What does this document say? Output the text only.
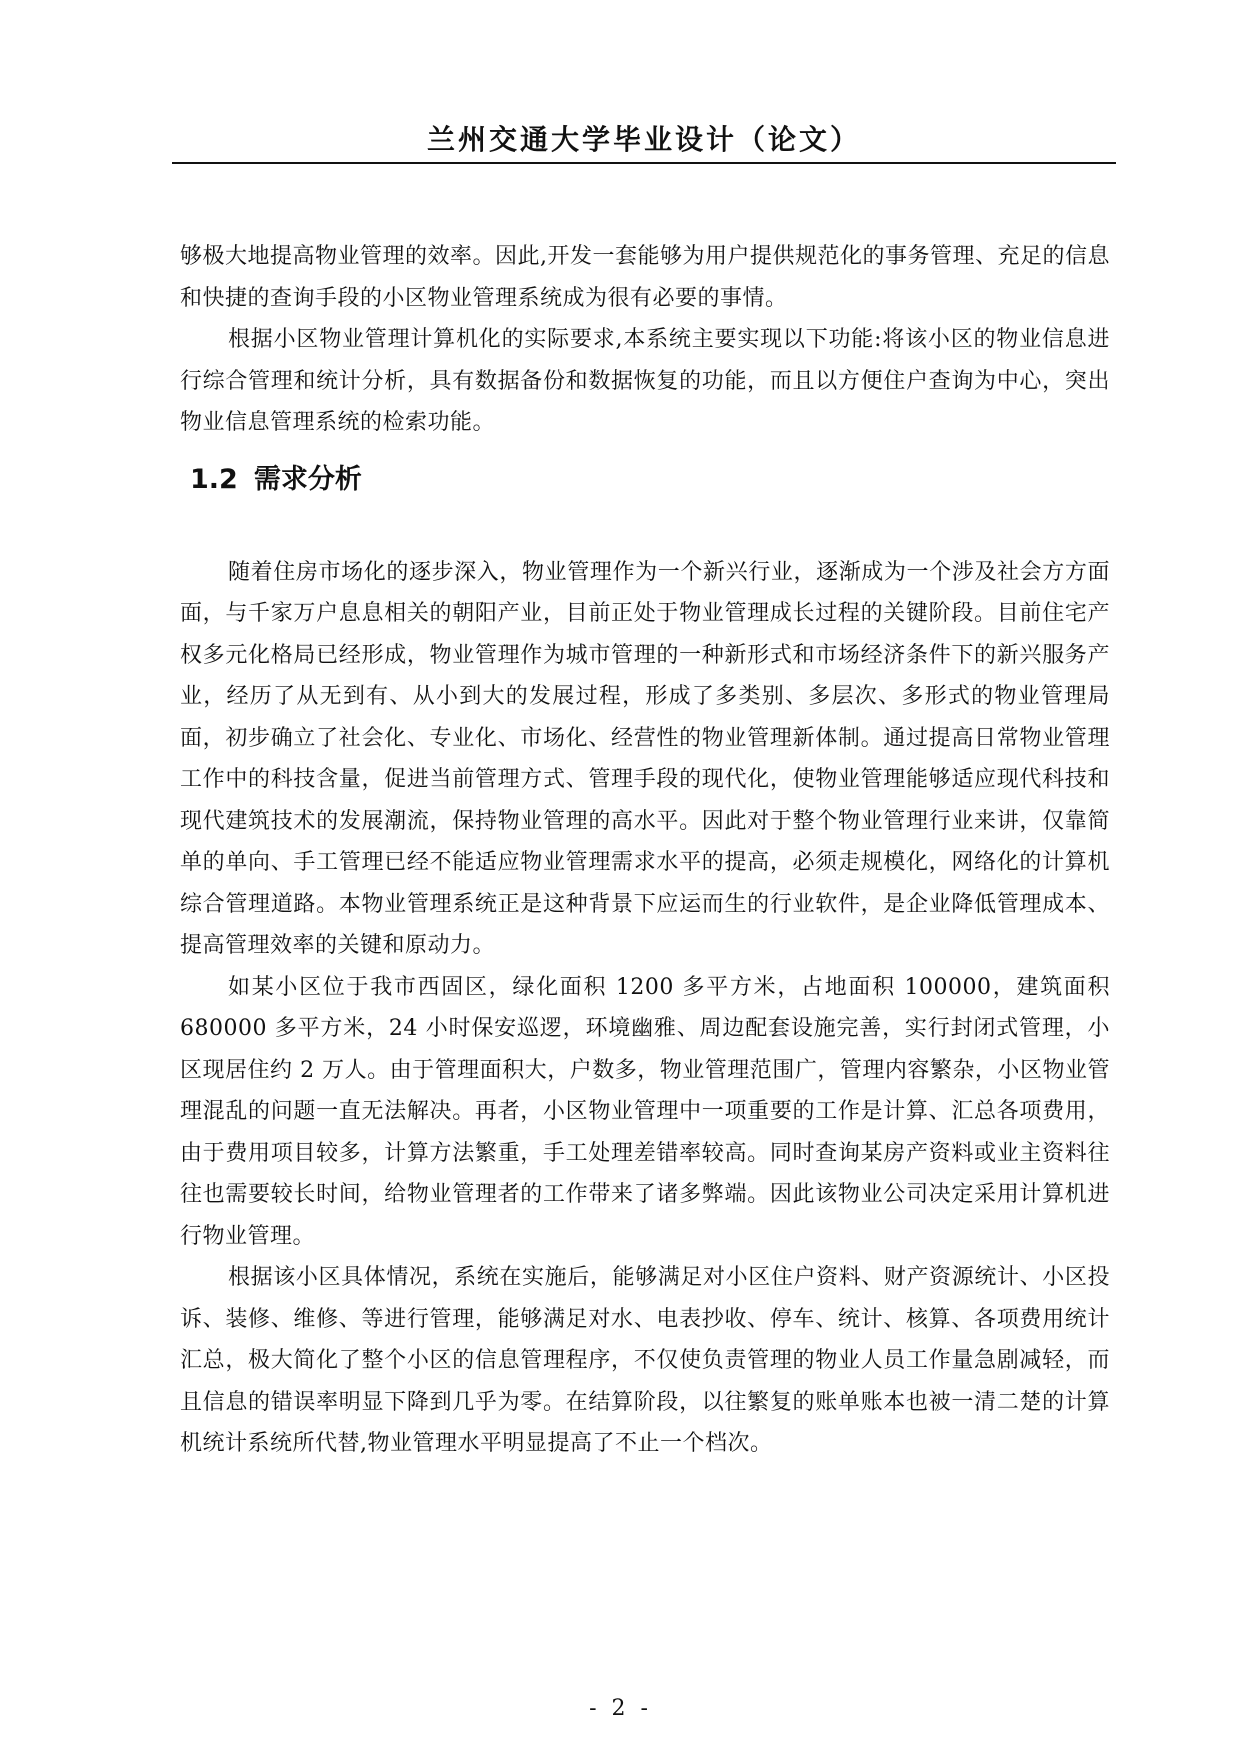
兰州交通大学毕业设计（论文）

够极大地提高物业管理的效率。因此,开发一套能够为用户提供规范化的事务管理、充足的信息和快捷的查询手段的小区物业管理系统成为很有必要的事情。

根据小区物业管理计算机化的实际要求,本系统主要实现以下功能:将该小区的物业信息进行综合管理和统计分析，具有数据备份和数据恢复的功能，而且以方便住户查询为中心，突出物业信息管理系统的检索功能。

1.2 需求分析

随着住房市场化的逐步深入，物业管理作为一个新兴行业，逐渐成为一个涉及社会方方面面，与千家万户息息相关的朝阳产业，目前正处于物业管理成长过程的关键阶段。目前住宅产权多元化格局已经形成，物业管理作为城市管理的一种新形式和市场经济条件下的新兴服务产业，经历了从无到有、从小到大的发展过程，形成了多类别、多层次、多形式的物业管理局面，初步确立了社会化、专业化、市场化、经营性的物业管理新体制。通过提高日常物业管理工作中的科技含量，促进当前管理方式、管理手段的现代化，使物业管理能够适应现代科技和现代建筑技术的发展潮流，保持物业管理的高水平。因此对于整个物业管理行业来讲，仅靠简单的单向、手工管理已经不能适应物业管理需求水平的提高，必须走规模化，网络化的计算机综合管理道路。本物业管理系统正是这种背景下应运而生的行业软件，是企业降低管理成本、提高管理效率的关键和原动力。

如某小区位于我市西固区，绿化面积 1200 多平方米，占地面积 100000，建筑面积 680000 多平方米，24 小时保安巡逻，环境幽雅、周边配套设施完善，实行封闭式管理，小区现居住约 2 万人。由于管理面积大，户数多，物业管理范围广，管理内容繁杂，小区物业管理混乱的问题一直无法解决。再者，小区物业管理中一项重要的工作是计算、汇总各项费用，由于费用项目较多，计算方法繁重，手工处理差错率较高。同时查询某房产资料或业主资料往往也需要较长时间，给物业管理者的工作带来了诸多弊端。因此该物业公司决定采用计算机进行物业管理。

根据该小区具体情况，系统在实施后，能够满足对小区住户资料、财产资源统计、小区投诉、装修、维修、等进行管理，能够满足对水、电表抄收、停车、统计、核算、各项费用统计汇总，极大简化了整个小区的信息管理程序，不仅使负责管理的物业人员工作量急剧减轻，而且信息的错误率明显下降到几乎为零。在结算阶段，以往繁复的账单账本也被一清二楚的计算机统计系统所代替,物业管理水平明显提高了不止一个档次。

- 2 -
